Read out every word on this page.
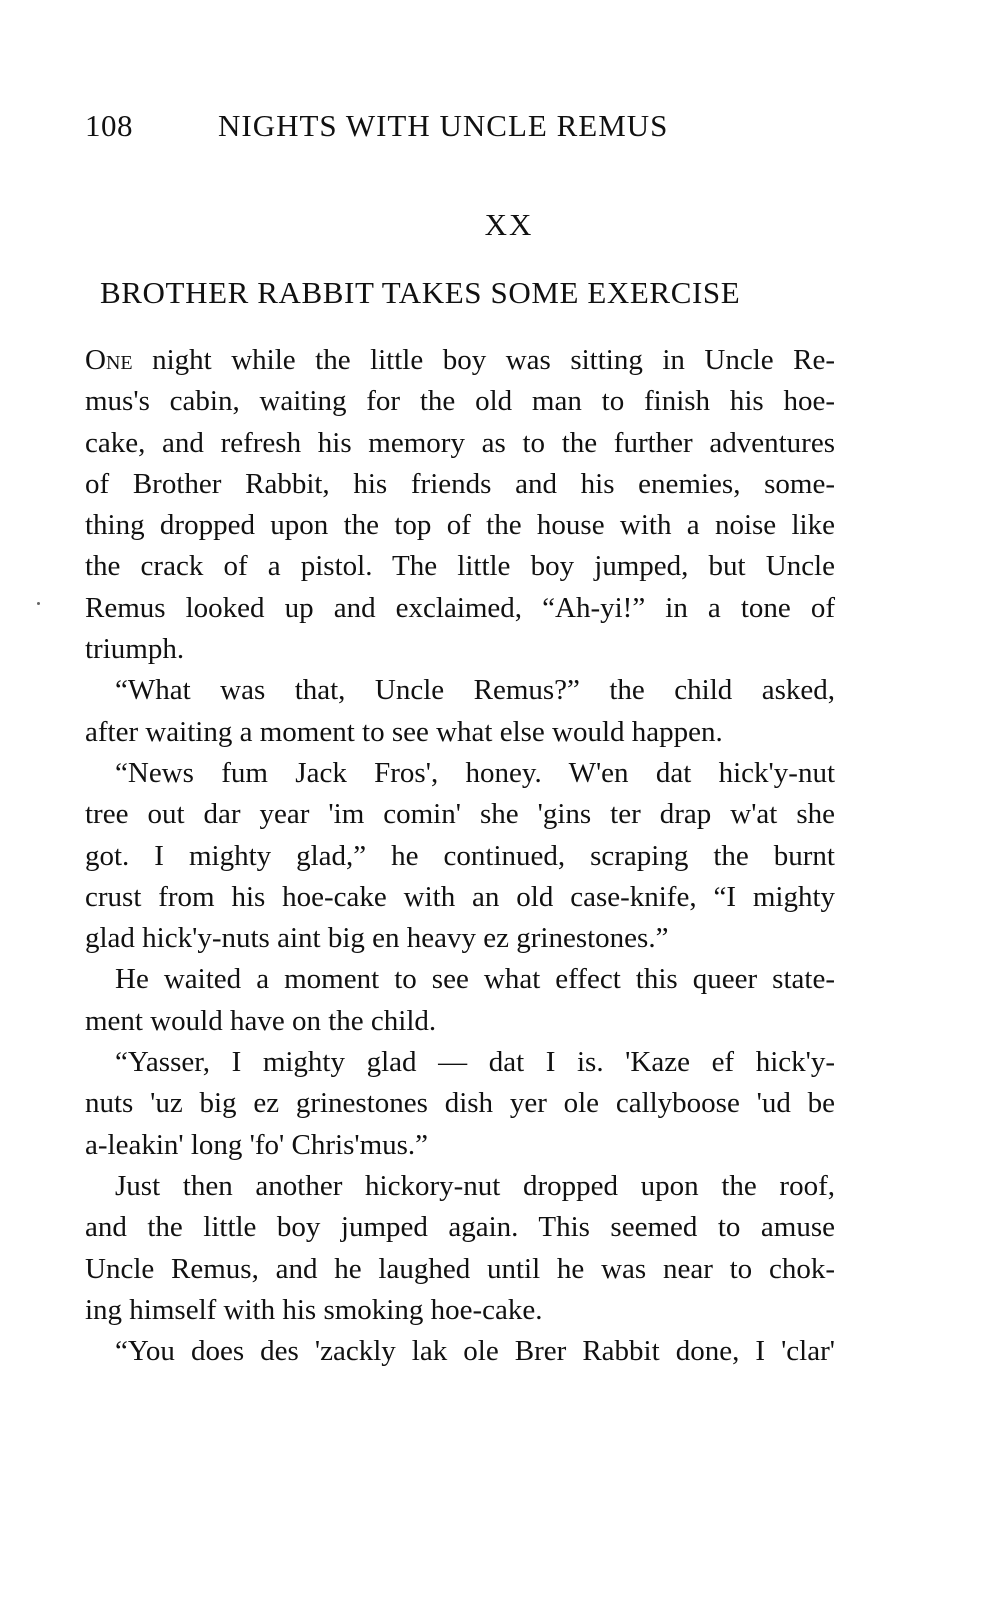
108	NIGHTS WITH UNCLE REMUS
XX
BROTHER RABBIT TAKES SOME EXERCISE
One night while the little boy was sitting in Uncle Re-
mus's cabin, waiting for the old man to finish his hoe-
cake, and refresh his memory as to the further adventures
of Brother Rabbit, his friends and his enemies, some-
thing dropped upon the top of the house with a noise like
the crack of a pistol. The little boy jumped, but Uncle
Remus looked up and exclaimed, “Ah-yi!” in a tone of
triumph.
“What was that, Uncle Remus?” the child asked,
after waiting a moment to see what else would happen.
“News fum Jack Fros', honey. W'en dat hick'y-nut
tree out dar year 'im comin' she 'gins ter drap w'at she
got. I mighty glad,” he continued, scraping the burnt
crust from his hoe-cake with an old case-knife, “I mighty
glad hick'y-nuts aint big en heavy ez grinestones.”
He waited a moment to see what effect this queer state-
ment would have on the child.
“Yasser, I mighty glad — dat I is. 'Kaze ef hick'y-
nuts 'uz big ez grinestones dish yer ole callyboose 'ud be
a-leakin' long 'fo' Chris'mus.”
Just then another hickory-nut dropped upon the roof,
and the little boy jumped again. This seemed to amuse
Uncle Remus, and he laughed until he was near to chok-
ing himself with his smoking hoe-cake.
“You does des 'zackly lak ole Brer Rabbit done, I 'clar'
